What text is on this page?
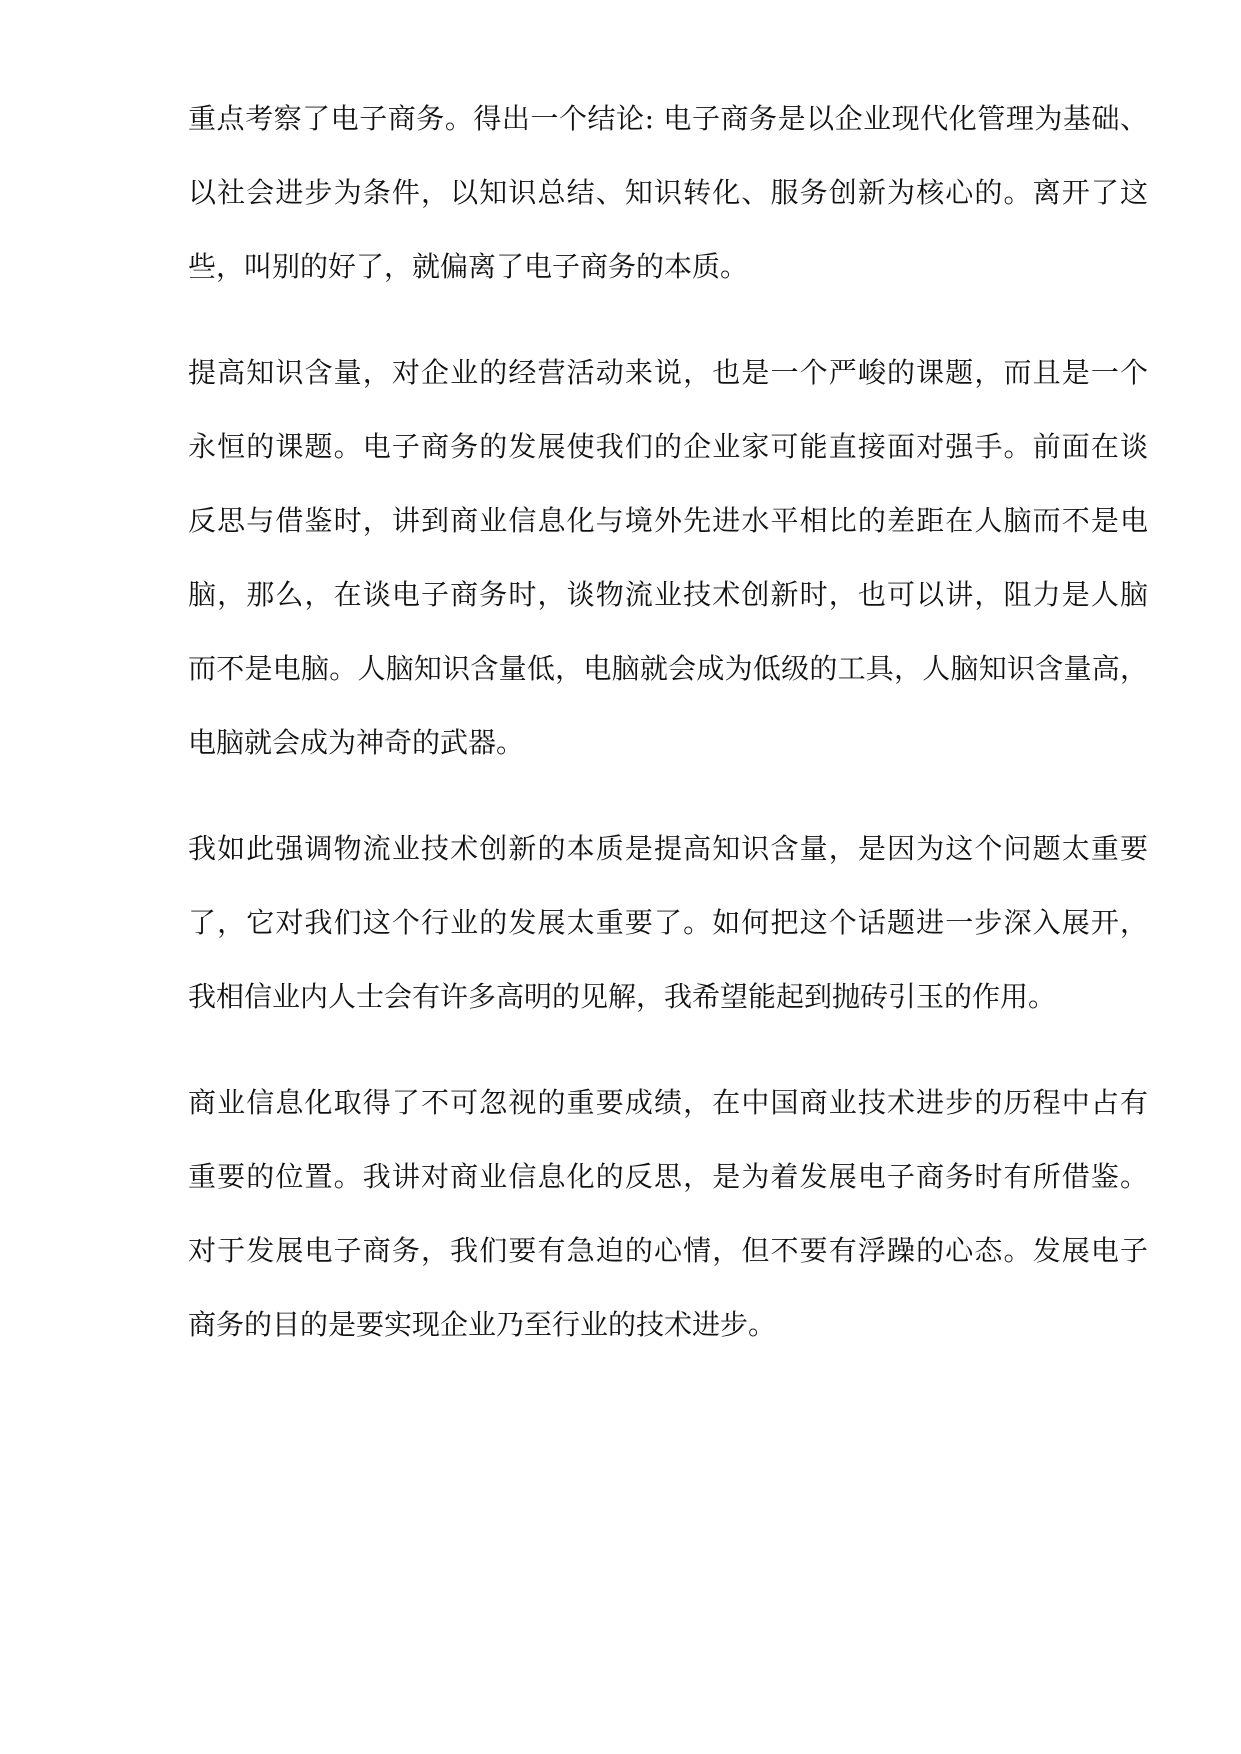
重点考察了电子商务。得出一个结论: 电子商务是以企业现代化管理为基础、
以社会进步为条件，以知识总结、知识转化、服务创新为核心的。离开了这
些，叫别的好了，就偏离了电子商务的本质。
提高知识含量，对企业的经营活动来说，也是一个严峻的课题，而且是一个
永恒的课题。电子商务的发展使我们的企业家可能直接面对强手。前面在谈
反思与借鉴时，讲到商业信息化与境外先进水平相比的差距在人脑而不是电
脑，那么，在谈电子商务时，谈物流业技术创新时，也可以讲，阻力是人脑
而不是电脑。人脑知识含量低，电脑就会成为低级的工具，人脑知识含量高，
电脑就会成为神奇的武器。
我如此强调物流业技术创新的本质是提高知识含量，是因为这个问题太重要
了，它对我们这个行业的发展太重要了。如何把这个话题进一步深入展开，
我相信业内人士会有许多高明的见解，我希望能起到抛砖引玉的作用。
商业信息化取得了不可忽视的重要成绩，在中国商业技术进步的历程中占有
重要的位置。我讲对商业信息化的反思，是为着发展电子商务时有所借鉴。
对于发展电子商务，我们要有急迫的心情，但不要有浮躁的心态。发展电子
商务的目的是要实现企业乃至行业的技术进步。
